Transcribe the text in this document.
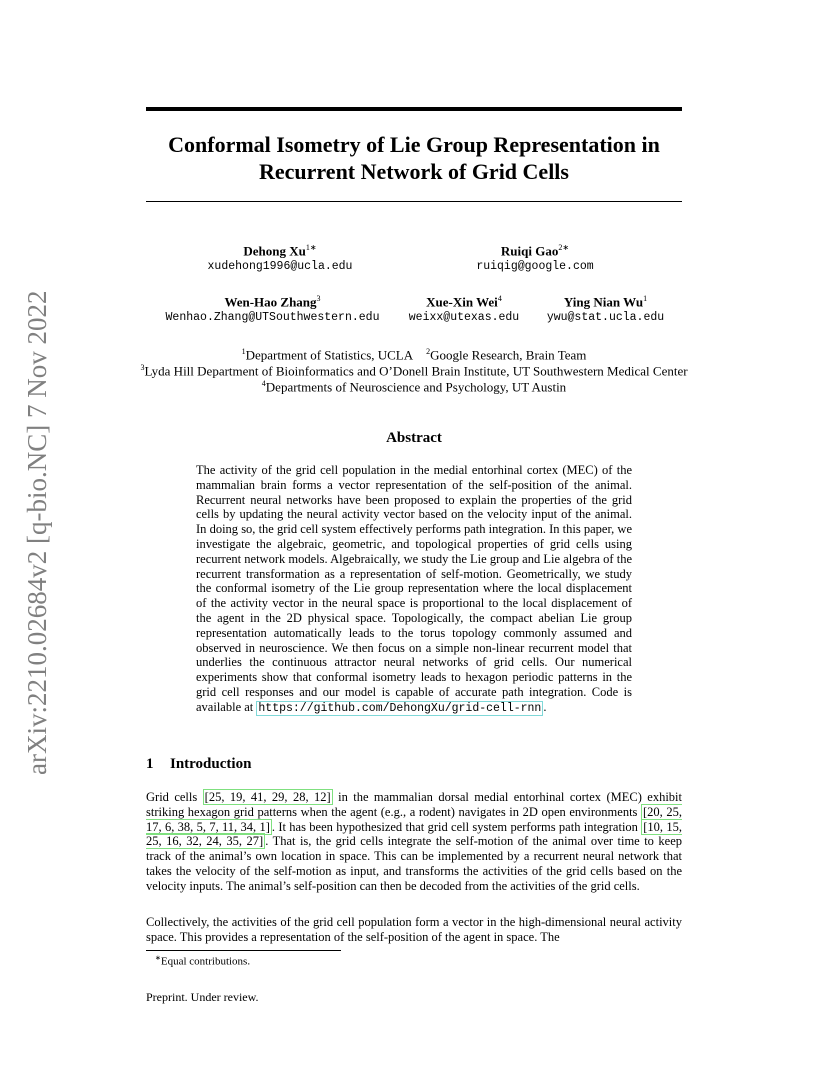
arXiv:2210.02684v2 [q-bio.NC] 7 Nov 2022
Conformal Isometry of Lie Group Representation in Recurrent Network of Grid Cells
Dehong $Xu^{1∗}$
xudehong1996@ucla.edu
Ruiqi Gao$^{2∗}$
ruiqig@google.com
Wen-Hao Zhang$^3$
Wenhao.Zhang@UTSouthwestern.edu
Xue-Xin Wei$^4$
weixx@utexas.edu
Ying Nian Wu$^1$
ywu@stat.ucla.edu
$^1$Department of Statistics, UCLA $^2$Google Research, Brain Team
$^3$Lyda Hill Department of Bioinformatics and O’Donell Brain Institute, UT Southwestern Medical Center
$^4$Departments of Neuroscience and Psychology, UT Austin
Abstract
The activity of the grid cell population in the medial entorhinal cortex (MEC) of the mammalian brain forms a vector representation of the self-position of the animal. Recurrent neural networks have been proposed to explain the properties of the grid cells by updating the neural activity vector based on the velocity input of the animal. In doing so, the grid cell system effectively performs path integration. In this paper, we investigate the algebraic, geometric, and topological properties of grid cells using recurrent network models. Algebraically, we study the Lie group and Lie algebra of the recurrent transformation as a representation of self-motion. Geometrically, we study the conformal isometry of the Lie group representation where the local displacement of the activity vector in the neural space is proportional to the local displacement of the agent in the 2D physical space. Topologically, the compact abelian Lie group representation automatically leads to the torus topology commonly assumed and observed in neuroscience. We then focus on a simple non-linear recurrent model that underlies the continuous attractor neural networks of grid cells. Our numerical experiments show that conformal isometry leads to hexagon periodic patterns in the grid cell responses and our model is capable of accurate path integration. Code is available at https://github.com/DehongXu/grid-cell-rnn .
1 Introduction
Grid cells [25, 19, 41, 29, 28, 12] in the mammalian dorsal medial entorhinal cortex (MEC) exhibit striking hexagon grid patterns when the agent (e.g., a rodent) navigates in 2D open environments [20, 25, 17, 6, 38, 5, 7, 11, 34, 1] . It has been hypothesized that grid cell system performs path integration [10, 15, 25, 16, 32, 24, 35, 27] . That is, the grid cells integrate the self-motion of the animal over time to keep track of the animal’s own location in space. This can be implemented by a recurrent neural network that takes the velocity of the self-motion as input, and transforms the activities of the grid cells based on the velocity inputs. The animal’s self-position can then be decoded from the activities of the grid cells.
Collectively, the activities of the grid cell population form a vector in the high-dimensional neural activity space. This provides a representation of the self-position of the agent in space. The
∗Equal contributions.
Preprint. Under review.
